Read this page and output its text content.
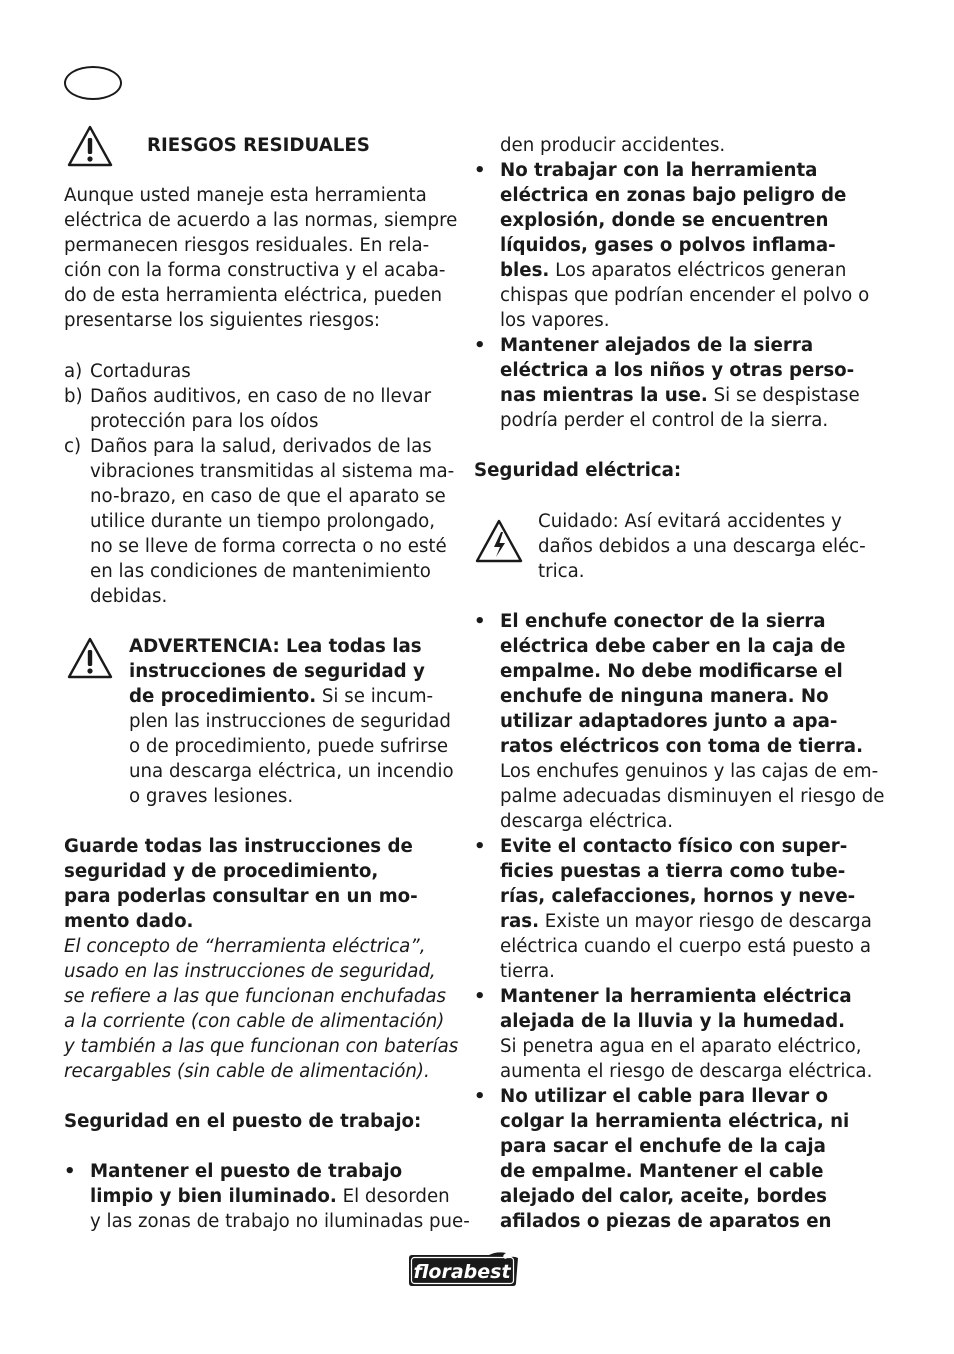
RIESGOS RESIDUALES
Aunque usted maneje esta herramienta
eléctrica de acuerdo a las normas, siempre
permanecen riesgos residuales. En rela-
ción con la forma constructiva y el acaba-
do de esta herramienta eléctrica, pueden
presentarse los siguientes riesgos:
a) Cortaduras
b) Daños auditivos, en caso de no llevar
protección para los oídos
c) Daños para la salud, derivados de las
vibraciones transmitidas al sistema ma-
no-brazo, en caso de que el aparato se
utilice durante un tiempo prolongado,
no se lleve de forma correcta o no esté
en las condiciones de mantenimiento
debidas.
ADVERTENCIA: Lea todas las
instrucciones de seguridad y
de procedimiento. Si se incum-
plen las instrucciones de seguridad
o de procedimiento, puede sufrirse
una descarga eléctrica, un incendio
o graves lesiones.
Guarde todas las instrucciones de
seguridad y de procedimiento,
para poderlas consultar en un mo-
mento dado.
El concepto de “herramienta eléctrica”,
usado en las instrucciones de seguridad,
se refiere a las que funcionan enchufadas
a la corriente (con cable de alimentación)
y también a las que funcionan con baterías
recargables (sin cable de alimentación).
Seguridad en el puesto de trabajo:
• Mantener el puesto de trabajo
limpio y bien iluminado. El desorden
y las zonas de trabajo no iluminadas pue-
den producir accidentes.
• No trabajar con la herramienta
eléctrica en zonas bajo peligro de
explosión, donde se encuentren
líquidos, gases o polvos inflama-
bles. Los aparatos eléctricos generan
chispas que podrían encender el polvo o
los vapores.
• Mantener alejados de la sierra
eléctrica a los niños y otras perso-
nas mientras la use. Si se despistase
podría perder el control de la sierra.
Seguridad eléctrica:
Cuidado: Así evitará accidentes y
daños debidos a una descarga eléc-
trica.
• El enchufe conector de la sierra
eléctrica debe caber en la caja de
empalme. No debe modificarse el
enchufe de ninguna manera. No
utilizar adaptadores junto a apa-
ratos eléctricos con toma de tierra.
Los enchufes genuinos y las cajas de em-
palme adecuadas disminuyen el riesgo de
descarga eléctrica.
• Evite el contacto físico con super-
ficies puestas a tierra como tube-
rías, calefacciones, hornos y neve-
ras. Existe un mayor riesgo de descarga
eléctrica cuando el cuerpo está puesto a
tierra.
• Mantener la herramienta eléctrica
alejada de la lluvia y la humedad.
Si penetra agua en el aparato eléctrico,
aumenta el riesgo de descarga eléctrica.
• No utilizar el cable para llevar o
colgar la herramienta eléctrica, ni
para sacar el enchufe de la caja
de empalme. Mantener el cable
alejado del calor, aceite, bordes
afilados o piezas de aparatos en
florabest
